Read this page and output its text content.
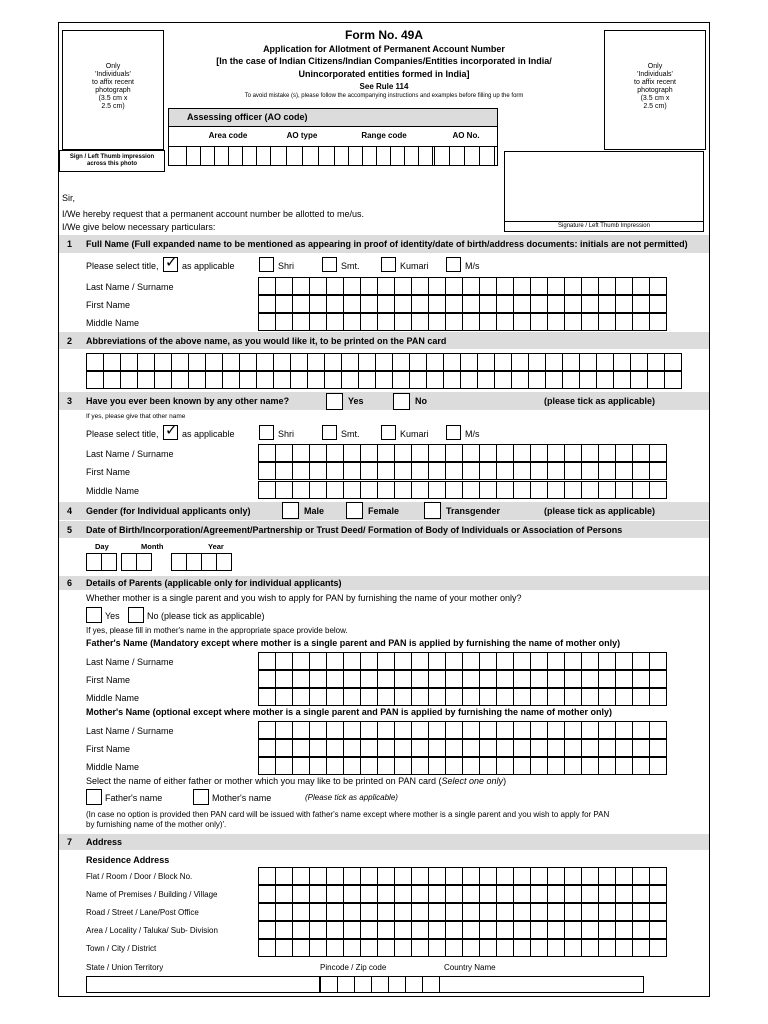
Form No. 49A
Application for Allotment of Permanent Account Number
[In the case of Indian Citizens/Indian Companies/Entities incorporated in India/
Unincorporated entities formed in India]
See Rule 114
To avoid mistake (s), please follow the accompanying instructions and examples before filling up the form
Only
'Individuals'
to affix recent
photograph
(3.5 cm x
2.5 cm)
Sign / Left Thumb impression
across this photo
Only
'Individuals'
to affix recent
photograph
(3.5 cm x
2.5 cm)
Signature / Left Thumb Impression
Assessing officer (AO code)
Area code	AO type	Range code	AO No.
Sir,
I/We hereby request that a permanent account number be allotted to me/us.
I/We give below necessary particulars:
1 Full Name (Full expanded name to be mentioned as appearing in proof of identity/date of birth/address documents: initials are not permitted)
Please select title, ✓ as applicable	Shri	Smt.	Kumari	M/s
Last Name / Surname
First Name
Middle Name
2 Abbreviations of the above name, as you would like it, to be printed on the PAN card
3 Have you ever been known by any other name?	Yes	No	(please tick as applicable)
If yes, please give that other name
Please select title, ✓ as applicable	Shri	Smt.	Kumari	M/s
Last Name / Surname
First Name
Middle Name
4 Gender (for Individual applicants only)	Male	Female	Transgender	(please tick as applicable)
5 Date of Birth/Incorporation/Agreement/Partnership or Trust Deed/ Formation of Body of Individuals or Association of Persons
Day	Month	Year
6 Details of Parents (applicable only for individual applicants)
Whether mother is a single parent and you wish to apply for PAN by furnishing the name of your mother only?
Yes	No (please tick as applicable)
If yes, please fill in mother's name in the appropriate space provide below.
Father's Name (Mandatory except where mother is a single parent and PAN is applied by furnishing the name of mother only)
Last Name / Surname
First Name
Middle Name
Mother's Name (optional except where mother is a single parent and PAN is applied by furnishing the name of mother only)
Last Name / Surname
First Name
Middle Name
Select the name of either father or mother which you may like to be printed on PAN card (Select one only)
Father's name	Mother's name	(Please tick as applicable)
(In case no option is provided then PAN card will be issued with father's name except where mother is a single parent and you wish to apply for PAN
by furnishing name of the mother only)'.
7 Address
Residence Address
Flat / Room / Door / Block No.
Name of Premises / Building / Village
Road / Street / Lane/Post Office
Area / Locality / Taluka/ Sub- Division
Town / City / District
State / Union Territory	Pincode / Zip code	Country Name
